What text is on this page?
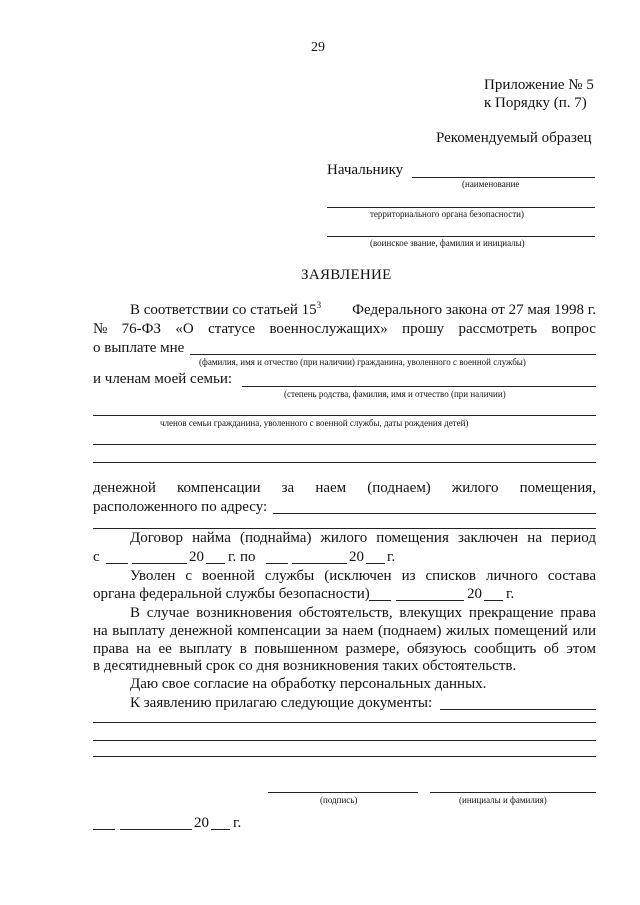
29
Приложение № 5
к Порядку (п. 7)
Рекомендуемый образец
Начальнику
(наименование
территориального органа безопасности)
(воинское звание, фамилия и инициалы)
ЗАЯВЛЕНИЕ
В соответствии со статьей $15^3$ Федерального закона от 27 мая 1998 г.
№ 76-ФЗ «О статусе военнослужащих» прошу рассмотреть вопрос
о выплате мне
(фамилия, имя и отчество (при наличии) гражданина, уволенного с военной службы)
и членам моей семьи:
(степень родства, фамилия, имя и отчество (при наличии)
членов семьи гражданина, уволенного с военной службы, даты рождения детей)
денежной компенсации за наем (поднаем) жилого помещения,
расположенного по адресу:
Договор найма (поднайма) жилого помещения заключен на период
с	20 г. по	20 г.
Уволен с военной службы (исключен из списков личного состава
органа федеральной службы безопасности)	20 г.
В случае возникновения обстоятельств, влекущих прекращение права
на выплату денежной компенсации за наем (поднаем) жилых помещений или
права на ее выплату в повышенном размере, обязуюсь сообщить об этом
в десятидневный срок со дня возникновения таких обстоятельств.
Даю свое согласие на обработку персональных данных.
К заявлению прилагаю следующие документы:
(подпись)	(инициалы и фамилия)
20 г.
